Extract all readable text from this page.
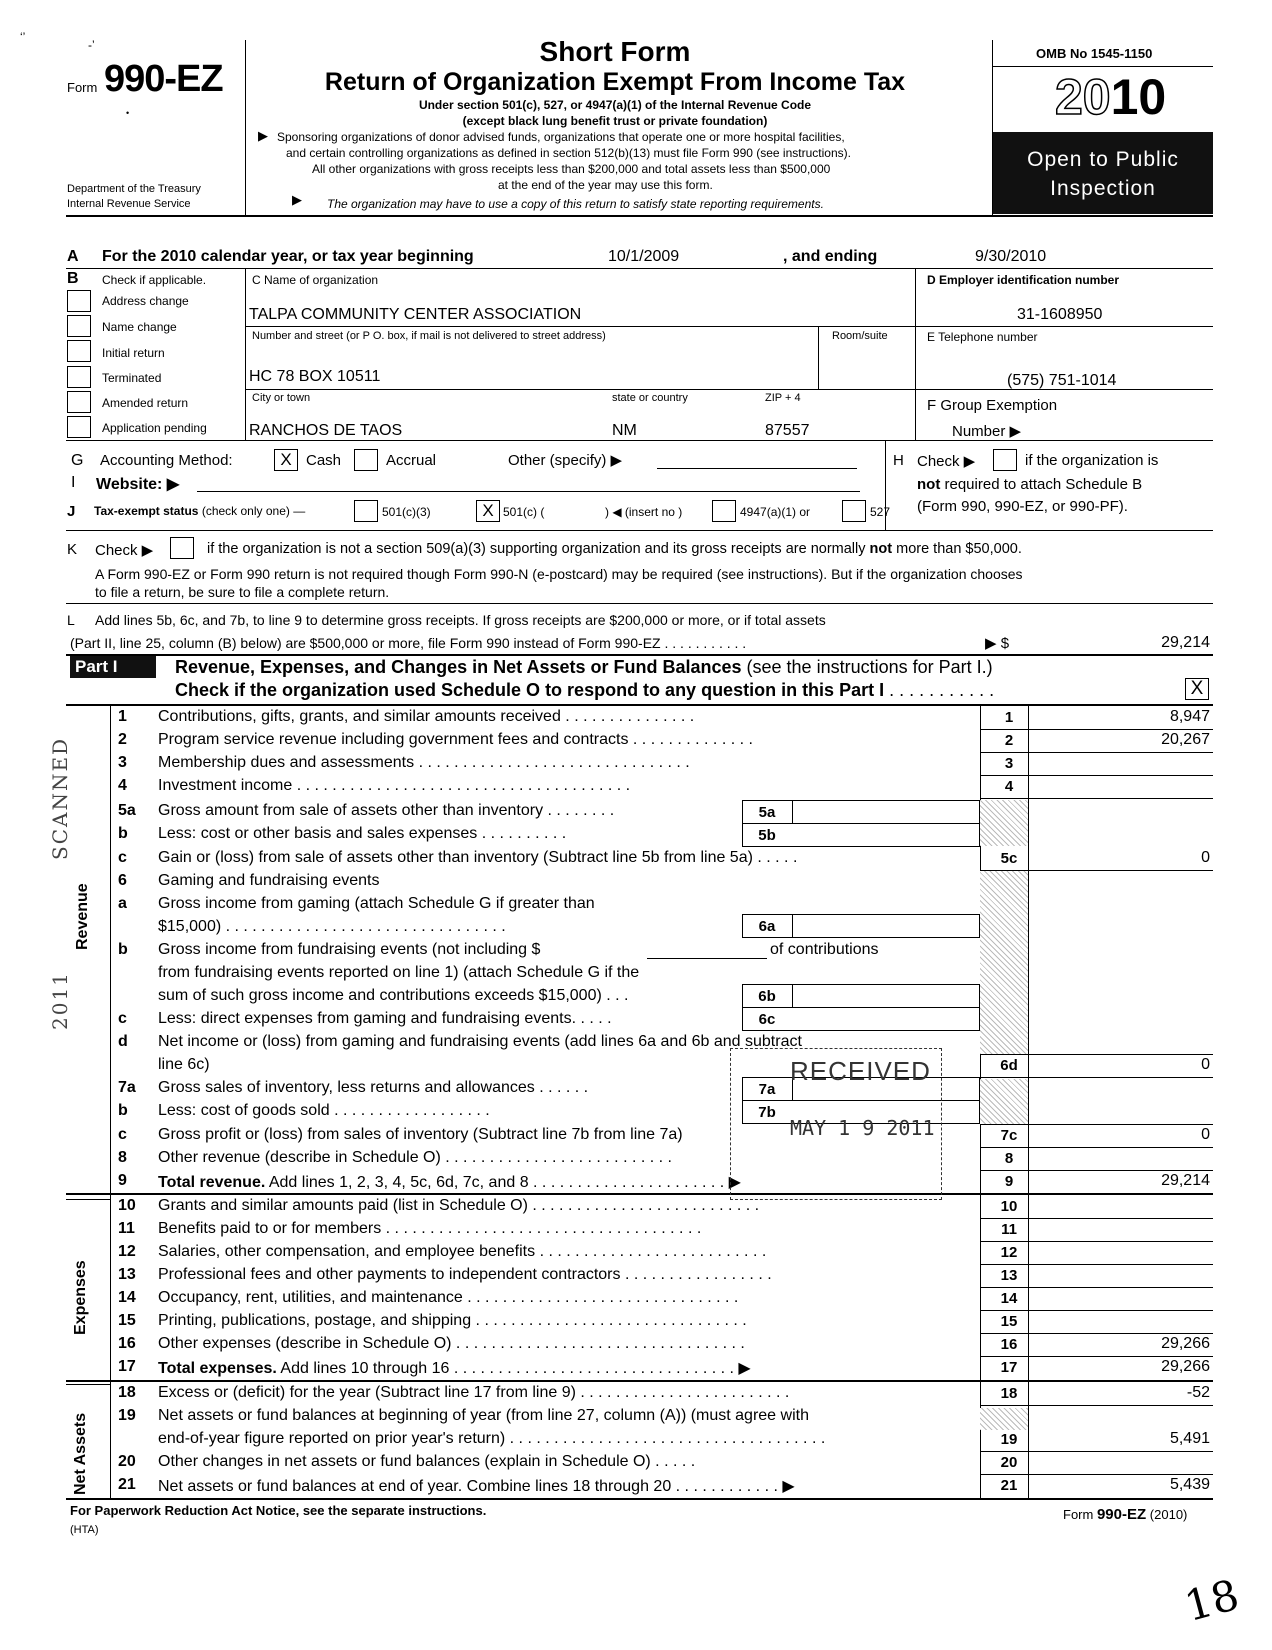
‘’
-’
•
Form 990-EZ
Department of the Treasury
Internal Revenue Service
Short Form
Return of Organization Exempt From Income Tax
Under section 501(c), 527, or 4947(a)(1) of the Internal Revenue Code
(except black lung benefit trust or private foundation)
▶ Sponsoring organizations of donor advised funds, organizations that operate one or more hospital facilities,
and certain controlling organizations as defined in section 512(b)(13) must file Form 990 (see instructions).
All other organizations with gross receipts less than $200,000 and total assets less than $500,000
at the end of the year may use this form.
▶ The organization may have to use a copy of this return to satisfy state reporting requirements.
OMB No 1545-1150
2010
Open to Public
Inspection
A For the 2010 calendar year, or tax year beginning	10/1/2009	, and ending	9/30/2010
B Check if applicable.
Address change
Name change
Initial return
Terminated
Amended return
Application pending
C Name of organization
TALPA COMMUNITY CENTER ASSOCIATION
Number and street (or P O. box, if mail is not delivered to street address)	Room/suite
HC 78 BOX 10511
City or town	state or country	ZIP + 4
RANCHOS DE TAOS	NM	87557
D Employer identification number
31-1608950
E Telephone number
(575) 751-1014
F Group Exemption
Number ▶
G Accounting Method:	X Cash	Accrual	Other (specify) ▶	H Check ▶	if the organization is
not required to attach Schedule B
(Form 990, 990-EZ, or 990-PF).
I Website: ▶
J Tax-exempt status (check only one) —	501(c)(3)	X 501(c) (	) ◀ (insert no )	4947(a)(1) or	527
K Check ▶	if the organization is not a section 509(a)(3) supporting organization and its gross receipts are normally not more than $50,000.
A Form 990-EZ or Form 990 return is not required though Form 990-N (e-postcard) may be required (see instructions). But if the organization chooses
to file a return, be sure to file a complete return.
L Add lines 5b, 6c, and 7b, to line 9 to determine gross receipts. If gross receipts are $200,000 or more, or if total assets
(Part II, line 25, column (B) below) are $500,000 or more, file Form 990 instead of Form 990-EZ . . . . . . . . . . .	▶ $	29,214
Part I	Revenue, Expenses, and Changes in Net Assets or Fund Balances (see the instructions for Part I.)
Check if the organization used Schedule O to respond to any question in this Part I . . . . . . . . . . .	X
Revenue
Expenses
Net Assets
SCANNED
2011
1	Contributions, gifts, grants, and similar amounts received . . . . . . . . . . . . . . .	1	8,947
2	Program service revenue including government fees and contracts . . . . . . . . . . . . . .	2	20,267
3	Membership dues and assessments . . . . . . . . . . . . . . . . . . . . . . . . . . . . . . .	3
4	Investment income . . . . . . . . . . . . . . . . . . . . . . . . . . . . . . . . . . . . . .	4
5a	Gross amount from sale of assets other than inventory . . . . . . . .	5a
b	Less: cost or other basis and sales expenses . . . . . . . . . .	5b
c	Gain or (loss) from sale of assets other than inventory (Subtract line 5b from line 5a) . . . . .	5c	0
6	Gaming and fundraising events
a	Gross income from gaming (attach Schedule G if greater than
$15,000) . . . . . . . . . . . . . . . . . . . . . . . . . . . . . . . .	6a
b	Gross income from fundraising events (not including $	of contributions
from fundraising events reported on line 1) (attach Schedule G if the
sum of such gross income and contributions exceeds $15,000) . . .	6b
c	Less: direct expenses from gaming and fundraising events. . . . .	6c
d	Net income or (loss) from gaming and fundraising events (add lines 6a and 6b and subtract
line 6c)	6d	0
7a	Gross sales of inventory, less returns and allowances . . . . . .	7a
b	Less: cost of goods sold . . . . . . . . . . . . . . . . . .	7b
c	Gross profit or (loss) from sales of inventory (Subtract line 7b from line 7a)	7c	0
8	Other revenue (describe in Schedule O) . . . . . . . . . . . . . . . . . . . . . . . . . .	8
9	Total revenue. Add lines 1, 2, 3, 4, 5c, 6d, 7c, and 8 . . . . . . . . . . . . . . . . . . . . . . ▶	9	29,214
10	Grants and similar amounts paid (list in Schedule O) . . . . . . . . . . . . . . . . . . . . . . . . . .	10
11	Benefits paid to or for members . . . . . . . . . . . . . . . . . . . . . . . . . . . . . . . . . . . .	11
12	Salaries, other compensation, and employee benefits . . . . . . . . . . . . . . . . . . . . . . . . . .	12
13	Professional fees and other payments to independent contractors . . . . . . . . . . . . . . . . .	13
14	Occupancy, rent, utilities, and maintenance . . . . . . . . . . . . . . . . . . . . . . . . . . . . . . .	14
15	Printing, publications, postage, and shipping . . . . . . . . . . . . . . . . . . . . . . . . . . . . . . .	15
16	Other expenses (describe in Schedule O) . . . . . . . . . . . . . . . . . . . . . . . . . . . . . . . . .	16	29,266
17	Total expenses. Add lines 10 through 16 . . . . . . . . . . . . . . . . . . . . . . . . . . . . . . . . ▶	17	29,266
18	Excess or (deficit) for the year (Subtract line 17 from line 9) . . . . . . . . . . . . . . . . . . . . . . . .	18	-52
19	Net assets or fund balances at beginning of year (from line 27, column (A)) (must agree with
end-of-year figure reported on prior year's return) . . . . . . . . . . . . . . . . . . . . . . . . . . . . . . . . . . . .	19	5,491
20	Other changes in net assets or fund balances (explain in Schedule O) . . . . .	20
21	Net assets or fund balances at end of year. Combine lines 18 through 20 . . . . . . . . . . . . ▶	21	5,439
RECEIVED
MAY 1 9 2011
For Paperwork Reduction Act Notice, see the separate instructions.
(HTA)
Form 990-EZ (2010)
18
